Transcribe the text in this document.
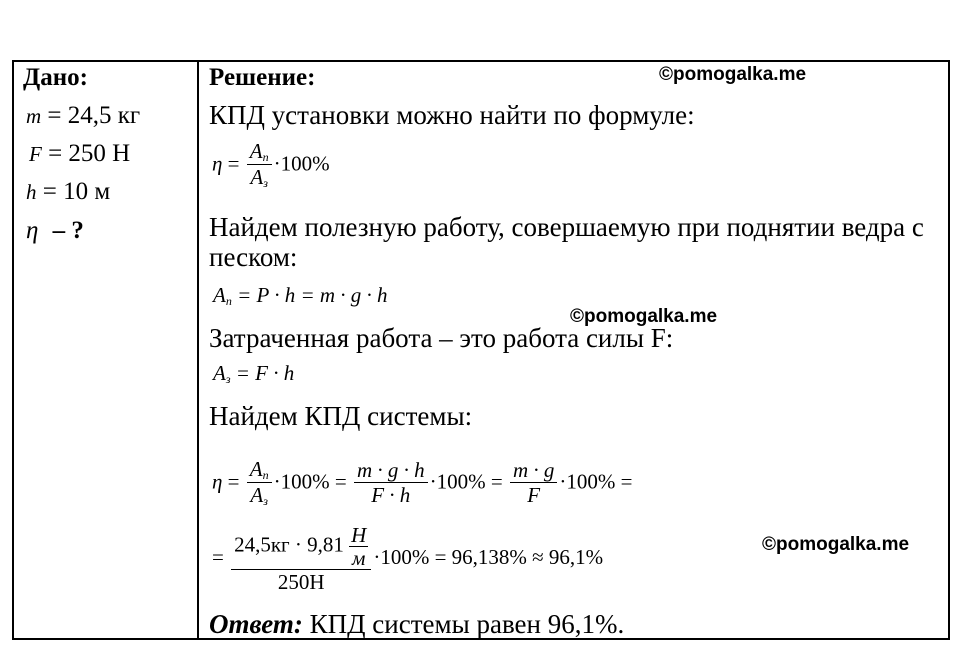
©pomogalka.me
©pomogalka.me
©pomogalka.me
Дано:
m = 24,5 кг
F = 250 Н
h = 10 м
η – ?
Решение:
КПД установки можно найти по формуле:
$\eta = \frac{A_п}{A_з} \cdot 100\%$
Найдем полезную работу, совершаемую при поднятии ведра с
песком:
$A_п = P \cdot h = m \cdot g \cdot h$
Затраченная работа – это работа силы F:
$A_з = F \cdot h$
Найдем КПД системы:
$\eta = \frac{A_п}{A_з} \cdot 100\% = \frac{m \cdot g \cdot h}{F \cdot h} \cdot 100\% = \frac{m \cdot g}{F} \cdot 100\%$ =
= $\frac{24,5кг \cdot 9,81 \frac{Н}{м}}{250Н} \cdot 100\% = 96,138\% \approx 96,1\%$
Ответ: КПД системы равен 96,1%.
